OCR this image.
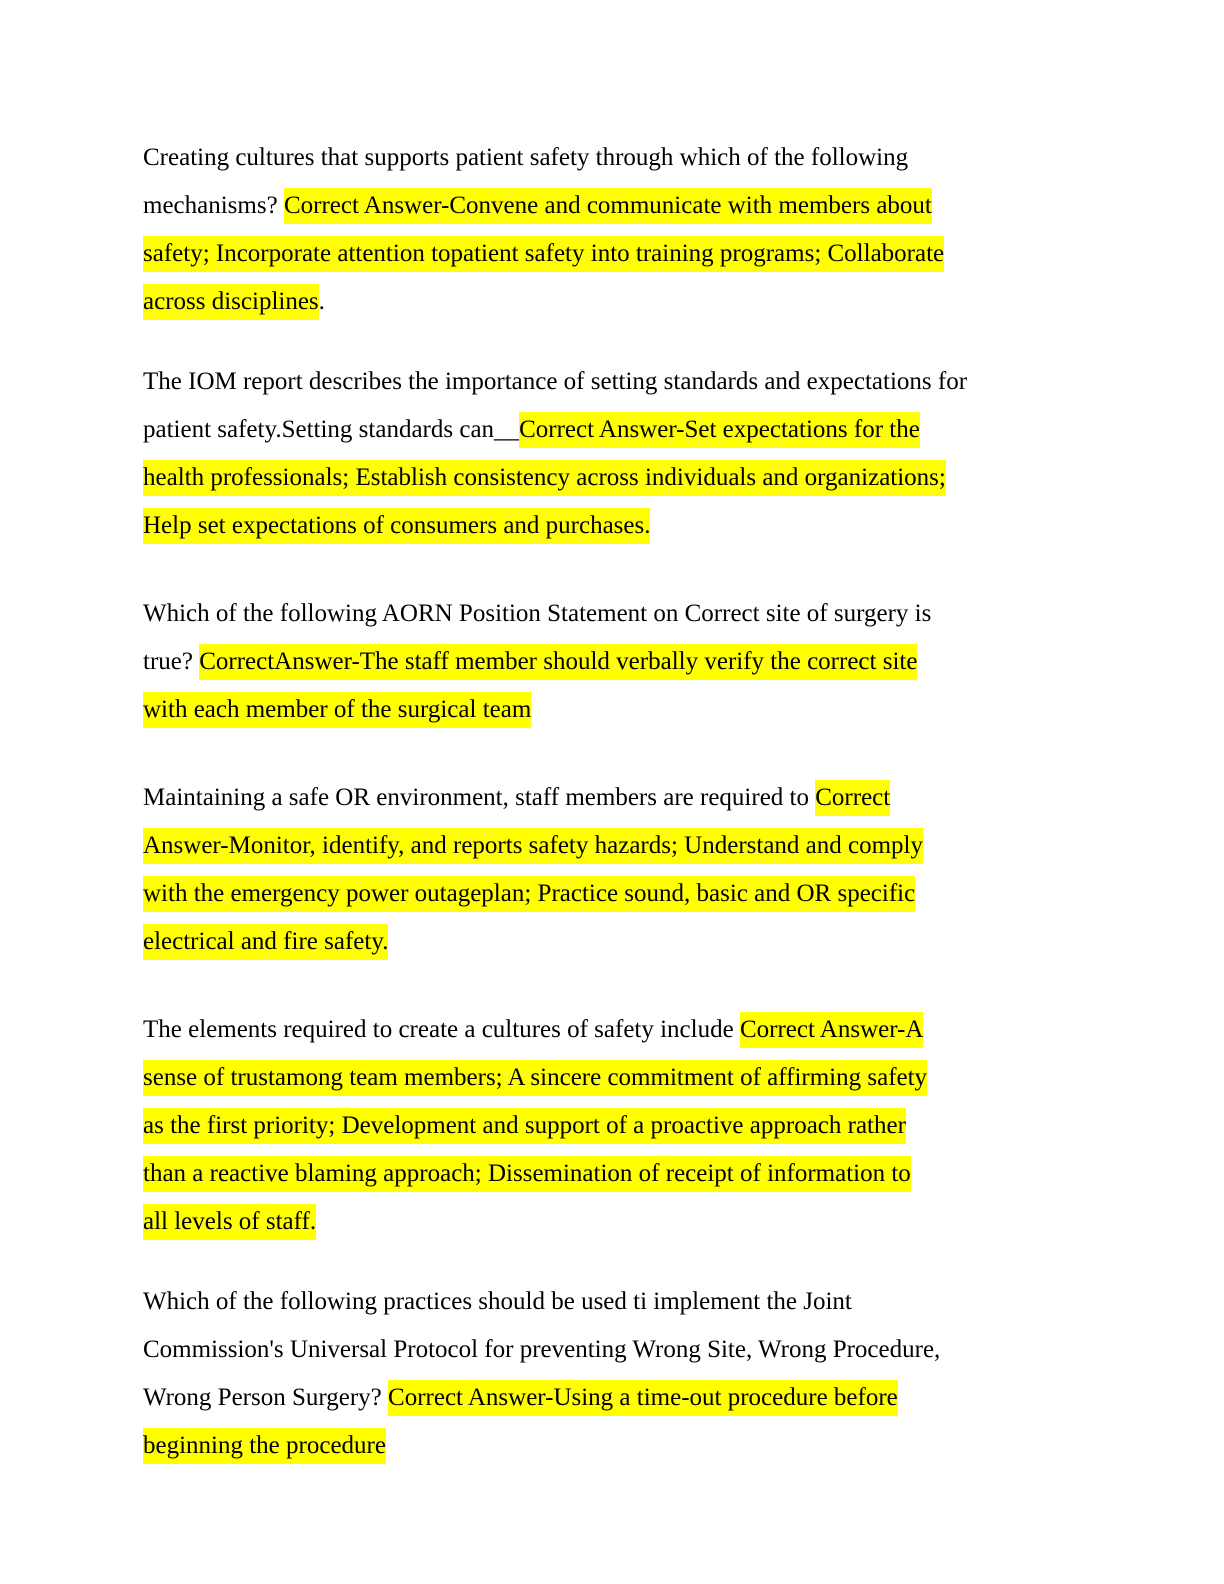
Creating cultures that supports patient safety through which of the following
mechanisms? Correct Answer-Convene and communicate with members about
safety; Incorporate attention topatient safety into training programs; Collaborate
across disciplines.
The IOM report describes the importance of setting standards and expectations for
patient safety.Setting standards can__Correct Answer-Set expectations for the
health professionals; Establish consistency across individuals and organizations;
Help set expectations of consumers and purchases.
Which of the following AORN Position Statement on Correct site of surgery is
true? CorrectAnswer-The staff member should verbally verify the correct site
with each member of the surgical team
Maintaining a safe OR environment, staff members are required to Correct
Answer-Monitor, identify, and reports safety hazards; Understand and comply
with the emergency power outageplan; Practice sound, basic and OR specific
electrical and fire safety.
The elements required to create a cultures of safety include Correct Answer-A
sense of trustamong team members; A sincere commitment of affirming safety
as the first priority; Development and support of a proactive approach rather
than a reactive blaming approach; Dissemination of receipt of information to
all levels of staff.
Which of the following practices should be used ti implement the Joint
Commission's Universal Protocol for preventing Wrong Site, Wrong Procedure,
Wrong Person Surgery? Correct Answer-Using a time-out procedure before
beginning the procedure
